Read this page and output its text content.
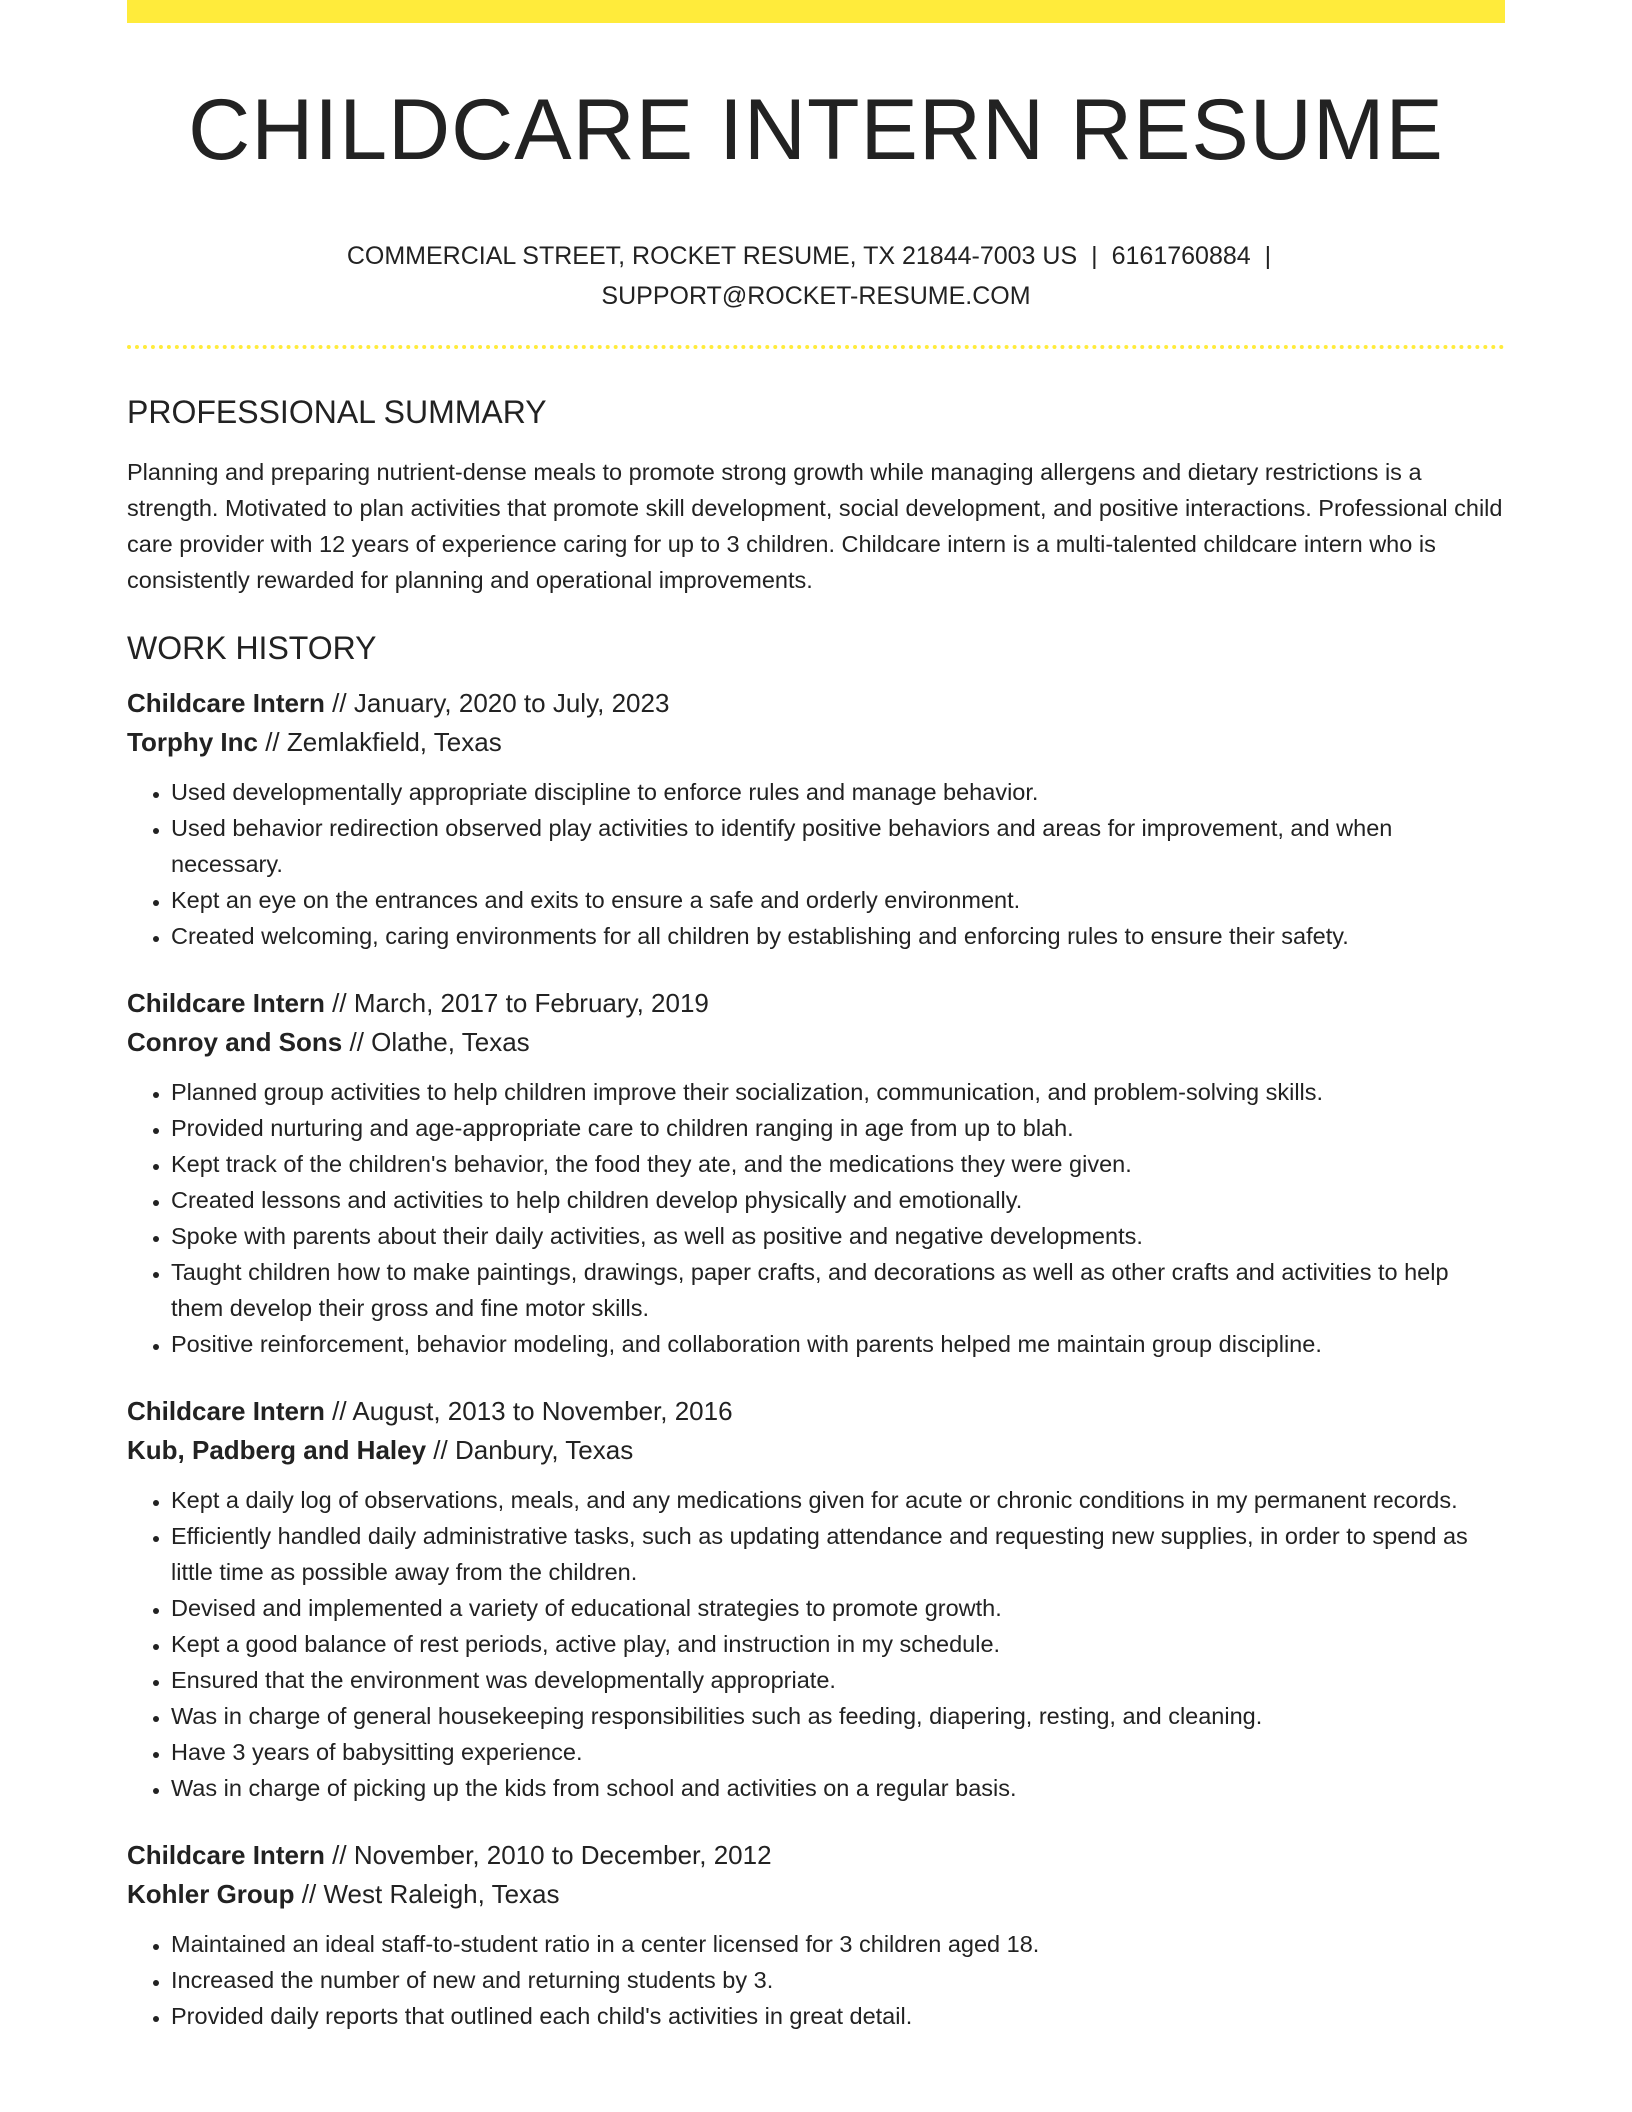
CHILDCARE INTERN RESUME
COMMERCIAL STREET, ROCKET RESUME, TX 21844-7003 US | 6161760884 |
SUPPORT@ROCKET-RESUME.COM
PROFESSIONAL SUMMARY

Planning and preparing nutrient-dense meals to promote strong growth while managing allergens and dietary restrictions is a strength. Motivated to plan activities that promote skill development, social development, and positive interactions. Professional child care provider with 12 years of experience caring for up to 3 children. Childcare intern is a multi-talented childcare intern who is consistently rewarded for planning and operational improvements.

WORK HISTORY
Childcare Intern // January, 2020 to July, 2023
Torphy Inc // Zemlakfield, Texas
• Used developmentally appropriate discipline to enforce rules and manage behavior.
• Used behavior redirection observed play activities to identify positive behaviors and areas for improvement, and when necessary.
• Kept an eye on the entrances and exits to ensure a safe and orderly environment.
• Created welcoming, caring environments for all children by establishing and enforcing rules to ensure their safety.
Childcare Intern // March, 2017 to February, 2019
Conroy and Sons // Olathe, Texas
• Planned group activities to help children improve their socialization, communication, and problem-solving skills.
• Provided nurturing and age-appropriate care to children ranging in age from up to blah.
• Kept track of the children's behavior, the food they ate, and the medications they were given.
• Created lessons and activities to help children develop physically and emotionally.
• Spoke with parents about their daily activities, as well as positive and negative developments.
• Taught children how to make paintings, drawings, paper crafts, and decorations as well as other crafts and activities to help them develop their gross and fine motor skills.
• Positive reinforcement, behavior modeling, and collaboration with parents helped me maintain group discipline.
Childcare Intern // August, 2013 to November, 2016
Kub, Padberg and Haley // Danbury, Texas
• Kept a daily log of observations, meals, and any medications given for acute or chronic conditions in my permanent records.
• Efficiently handled daily administrative tasks, such as updating attendance and requesting new supplies, in order to spend as little time as possible away from the children.
• Devised and implemented a variety of educational strategies to promote growth.
• Kept a good balance of rest periods, active play, and instruction in my schedule.
• Ensured that the environment was developmentally appropriate.
• Was in charge of general housekeeping responsibilities such as feeding, diapering, resting, and cleaning.
• Have 3 years of babysitting experience.
• Was in charge of picking up the kids from school and activities on a regular basis.
Childcare Intern // November, 2010 to December, 2012
Kohler Group // West Raleigh, Texas
• Maintained an ideal staff-to-student ratio in a center licensed for 3 children aged 18.
• Increased the number of new and returning students by 3.
• Provided daily reports that outlined each child's activities in great detail.
